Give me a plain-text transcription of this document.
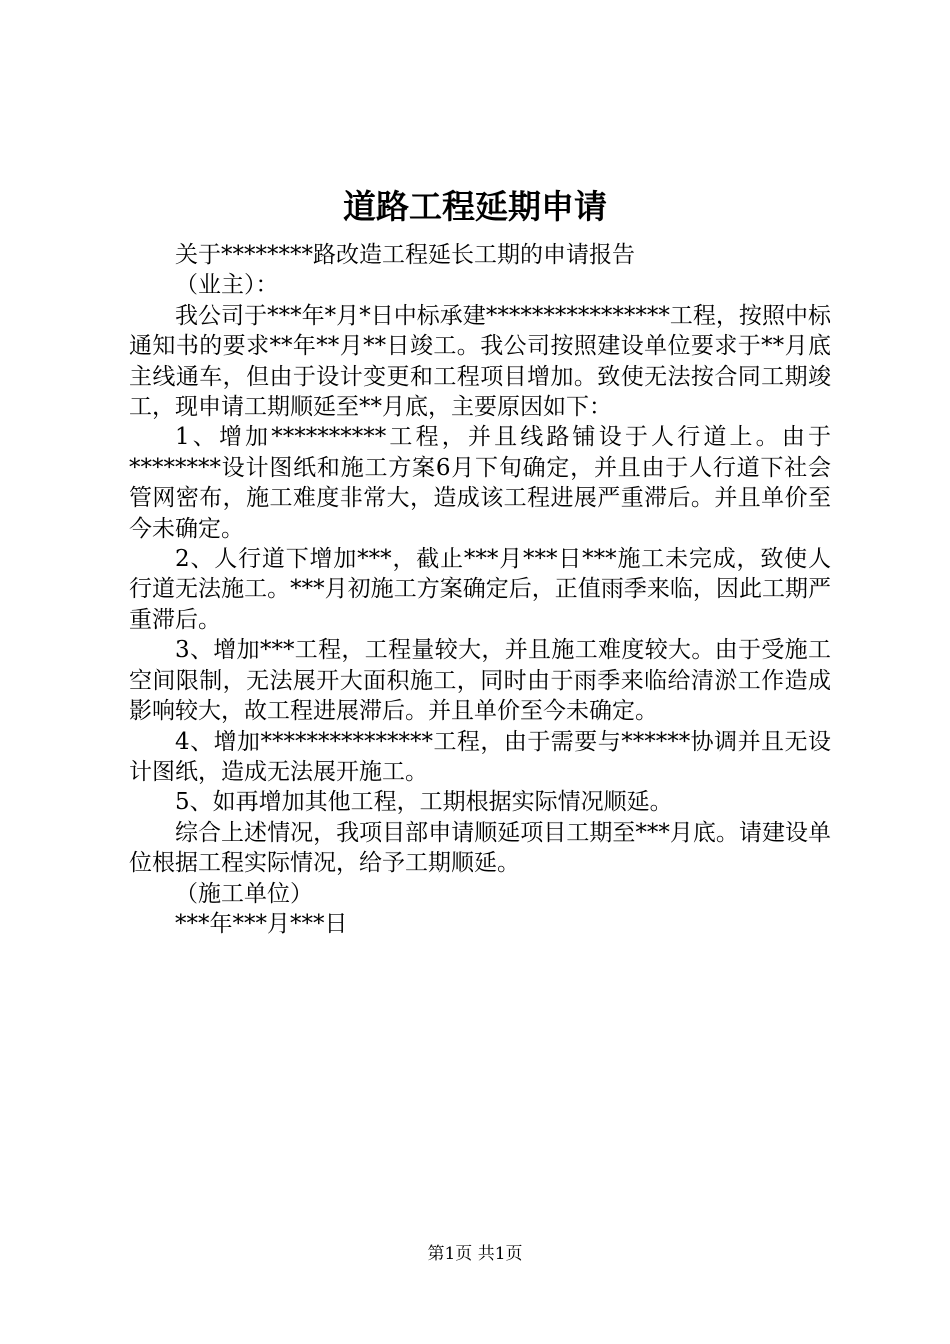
道路工程延期申请

关于********路改造工程延长工期的申请报告

（业主）：

我公司于***年*月*日中标承建****************工程，按照中标通知书的要求**年**月**日竣工。我公司按照建设单位要求于**月底主线通车，但由于设计变更和工程项目增加。致使无法按合同工期竣工，现申请工期顺延至**月底，主要原因如下：

1、增加**********工程，并且线路铺设于人行道上。由于********设计图纸和施工方案6月下旬确定，并且由于人行道下社会管网密布，施工难度非常大，造成该工程进展严重滞后。并且单价至今未确定。

2、人行道下增加***，截止***月***日***施工未完成，致使人行道无法施工。***月初施工方案确定后，正值雨季来临，因此工期严重滞后。

3、增加***工程，工程量较大，并且施工难度较大。由于受施工空间限制，无法展开大面积施工，同时由于雨季来临给清淤工作造成影响较大，故工程进展滞后。并且单价至今未确定。

4、增加***************工程，由于需要与******协调并且无设计图纸，造成无法展开施工。

5、如再增加其他工程，工期根据实际情况顺延。

综合上述情况，我项目部申请顺延项目工期至***月底。请建设单位根据工程实际情况，给予工期顺延。

（施工单位）

***年***月***日

第1页 共1页
